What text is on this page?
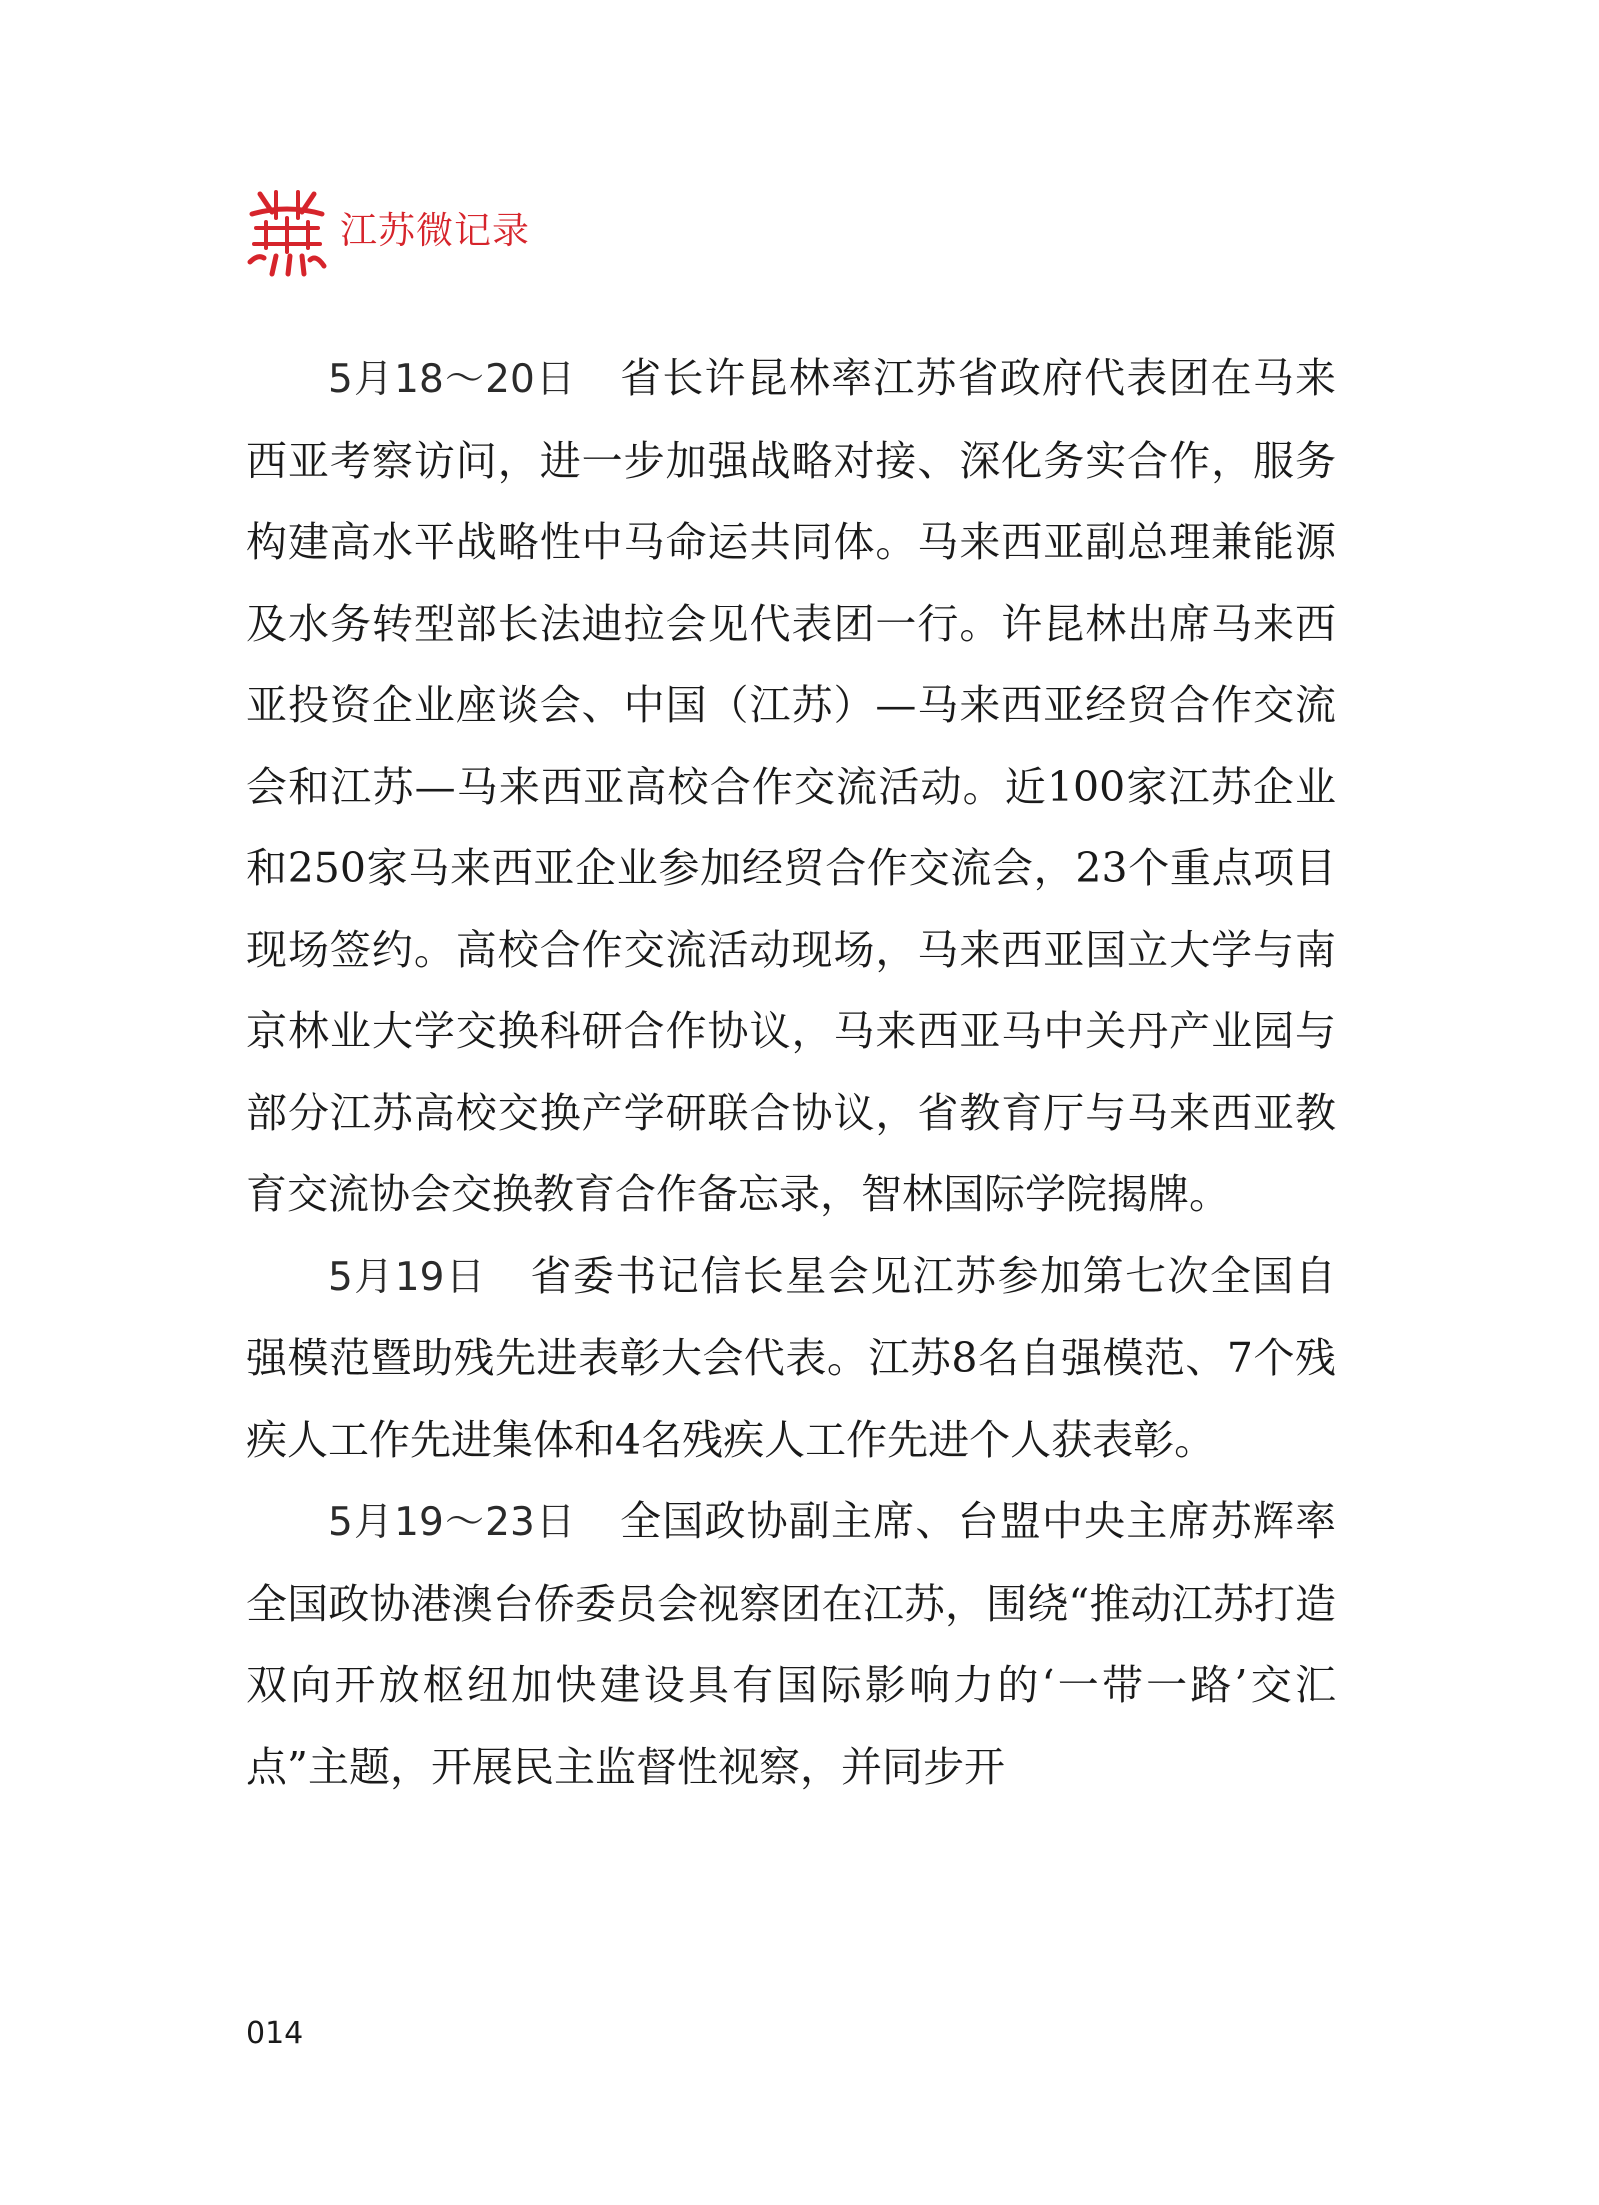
江苏微记录

5月18～20日 省长许昆林率江苏省政府代表团在马来西亚考察访问，进一步加强战略对接、深化务实合作，服务构建高水平战略性中马命运共同体。马来西亚副总理兼能源及水务转型部长法迪拉会见代表团一行。许昆林出席马来西亚投资企业座谈会、中国（江苏）—马来西亚经贸合作交流会和江苏—马来西亚高校合作交流活动。近100家江苏企业和250家马来西亚企业参加经贸合作交流会，23个重点项目现场签约。高校合作交流活动现场，马来西亚国立大学与南京林业大学交换科研合作协议，马来西亚马中关丹产业园与部分江苏高校交换产学研联合协议，省教育厅与马来西亚教育交流协会交换教育合作备忘录，智林国际学院揭牌。

5月19日 省委书记信长星会见江苏参加第七次全国自强模范暨助残先进表彰大会代表。江苏8名自强模范、7个残疾人工作先进集体和4名残疾人工作先进个人获表彰。

5月19～23日 全国政协副主席、台盟中央主席苏辉率全国政协港澳台侨委员会视察团在江苏，围绕“推动江苏打造双向开放枢纽加快建设具有国际影响力的‘一带一路’交汇点”主题，开展民主监督性视察，并同步开

014
